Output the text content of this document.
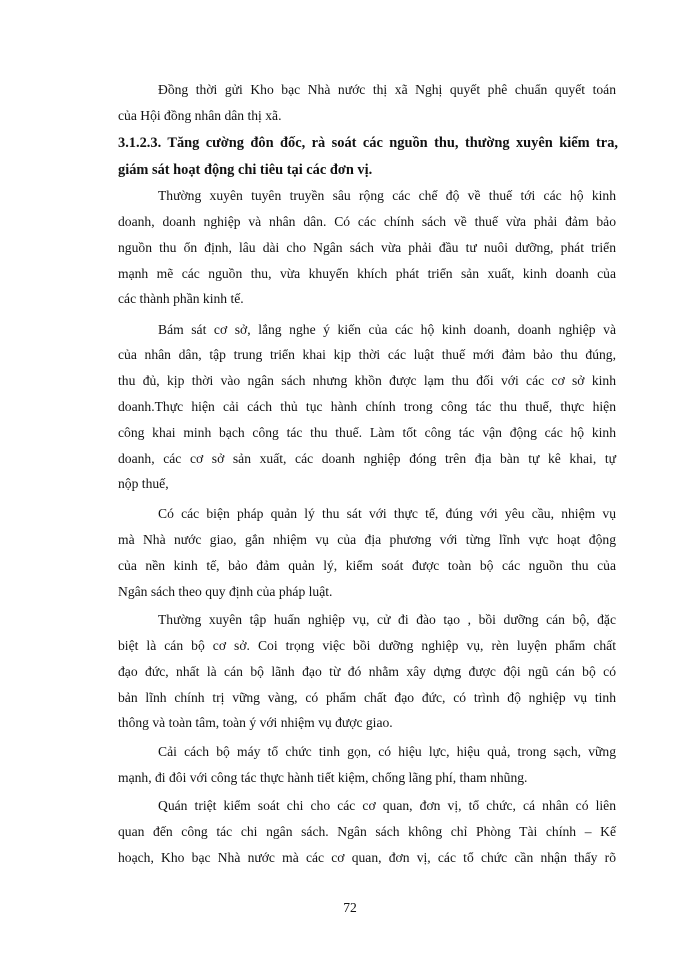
Đồng thời gửi Kho bạc Nhà nước thị xã Nghị quyết phê chuẩn quyết toán
của Hội đồng nhân dân thị xã.
3.1.2.3. Tăng cường đôn đốc, rà soát các nguồn thu, thường xuyên kiểm tra,
giám sát hoạt động chi tiêu tại các đơn vị.
Thường xuyên tuyên truyền sâu rộng các chế độ về thuế tới các hộ kinh
doanh, doanh nghiệp và nhân dân. Có các chính sách về thuế vừa phải đảm bảo
nguồn thu ổn định, lâu dài cho Ngân sách vừa phải đầu tư nuôi dưỡng, phát triển
mạnh mẽ các nguồn thu, vừa khuyến khích phát triển sản xuất, kinh doanh của
các thành phần kinh tế.
Bám sát cơ sở, lắng nghe ý kiến của các hộ kinh doanh, doanh nghiệp và
của nhân dân, tập trung triển khai kịp thời các luật thuế mới đảm bảo thu đúng,
thu đủ, kịp thời vào ngân sách nhưng khồn được lạm thu đối với các cơ sở kinh
doanh.Thực hiện cải cách thủ tục hành chính trong công tác thu thuế, thực hiện
công khai minh bạch công tác thu thuế. Làm tốt công tác vận động các hộ kinh
doanh, các cơ sở sản xuất, các doanh nghiệp đóng trên địa bàn tự kê khai, tự
nộp thuế,
Có các biện pháp quản lý thu sát với thực tế, đúng với yêu cầu, nhiệm vụ
mà Nhà nước giao, gắn nhiệm vụ của địa phương với từng lĩnh vực hoạt động
của nền kinh tế, bảo đảm quản lý, kiểm soát được toàn bộ các nguồn thu của
Ngân sách theo quy định của pháp luật.
Thường xuyên tập huấn nghiệp vụ, cử đi đào tạo , bồi dưỡng cán bộ, đặc
biệt là cán bộ cơ sở. Coi trọng việc bồi dưỡng nghiệp vụ, rèn luyện phẩm chất
đạo đức, nhất là cán bộ lãnh đạo từ đó nhằm xây dựng được đội ngũ cán bộ có
bản lĩnh chính trị vững vàng, có phẩm chất đạo đức, có trình độ nghiệp vụ tinh
thông và toàn tâm, toàn ý với nhiệm vụ được giao.
Cải cách bộ máy tổ chức tinh gọn, có hiệu lực, hiệu quả, trong sạch, vững
mạnh, đi đôi với công tác thực hành tiết kiệm, chống lãng phí, tham nhũng.
Quán triệt kiểm soát chi cho các cơ quan, đơn vị, tổ chức, cá nhân có liên
quan đến công tác chi ngân sách. Ngân sách không chỉ Phòng Tài chính – Kế
hoạch, Kho bạc Nhà nước mà các cơ quan, đơn vị, các tổ chức cần nhận thấy rõ
72
